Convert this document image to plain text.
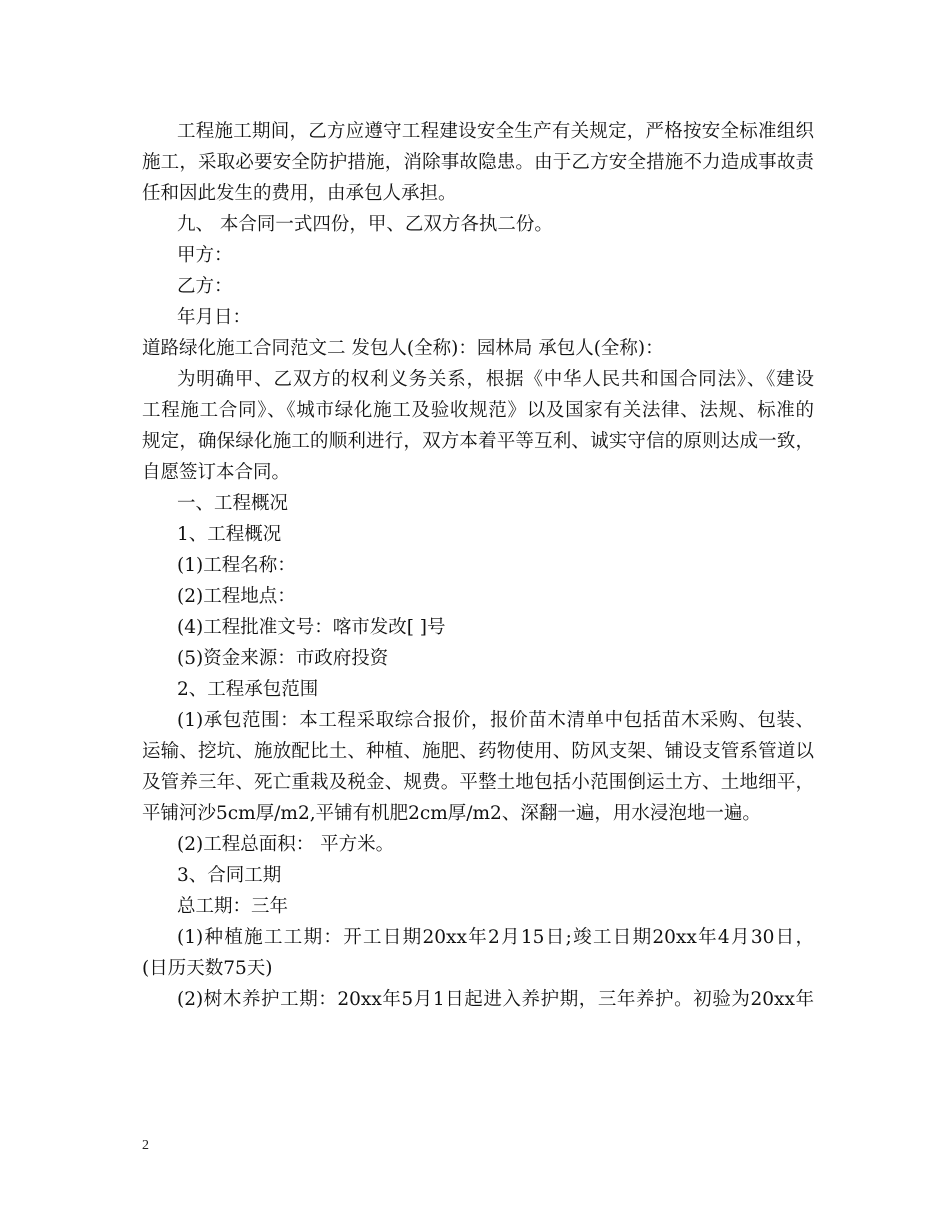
工程施工期间，乙方应遵守工程建设安全生产有关规定，严格按安全标准组织
施工，采取必要安全防护措施，消除事故隐患。由于乙方安全措施不力造成事故责
任和因此发生的费用，由承包人承担。
九、 本合同一式四份，甲、乙双方各执二份。
甲方：
乙方：
年月日：
道路绿化施工合同范文二 发包人(全称)：园林局 承包人(全称)：
为明确甲、乙双方的权利义务关系，根据《中华人民共和国合同法》、《建设
工程施工合同》、《城市绿化施工及验收规范》以及国家有关法律、法规、标准的
规定，确保绿化施工的顺利进行，双方本着平等互利、诚实守信的原则达成一致，
自愿签订本合同。
一、工程概况
1、工程概况
(1)工程名称：
(2)工程地点：
(4)工程批准文号：喀市发改[ ]号
(5)资金来源：市政府投资
2、工程承包范围
(1)承包范围：本工程采取综合报价，报价苗木清单中包括苗木采购、包装、
运输、挖坑、施放配比土、种植、施肥、药物使用、防风支架、铺设支管系管道以
及管养三年、死亡重栽及税金、规费。平整土地包括小范围倒运土方、土地细平，
平铺河沙5cm厚/m2,平铺有机肥2cm厚/m2、深翻一遍，用水浸泡地一遍。
(2)工程总面积： 平方米。
3、合同工期
总工期：三年
(1)种植施工工期：开工日期20xx年2月15日;竣工日期20xx年4月30日，
(日历天数75天)
(2)树木养护工期：20xx年5月1日起进入养护期，三年养护。初验为20xx年
2
